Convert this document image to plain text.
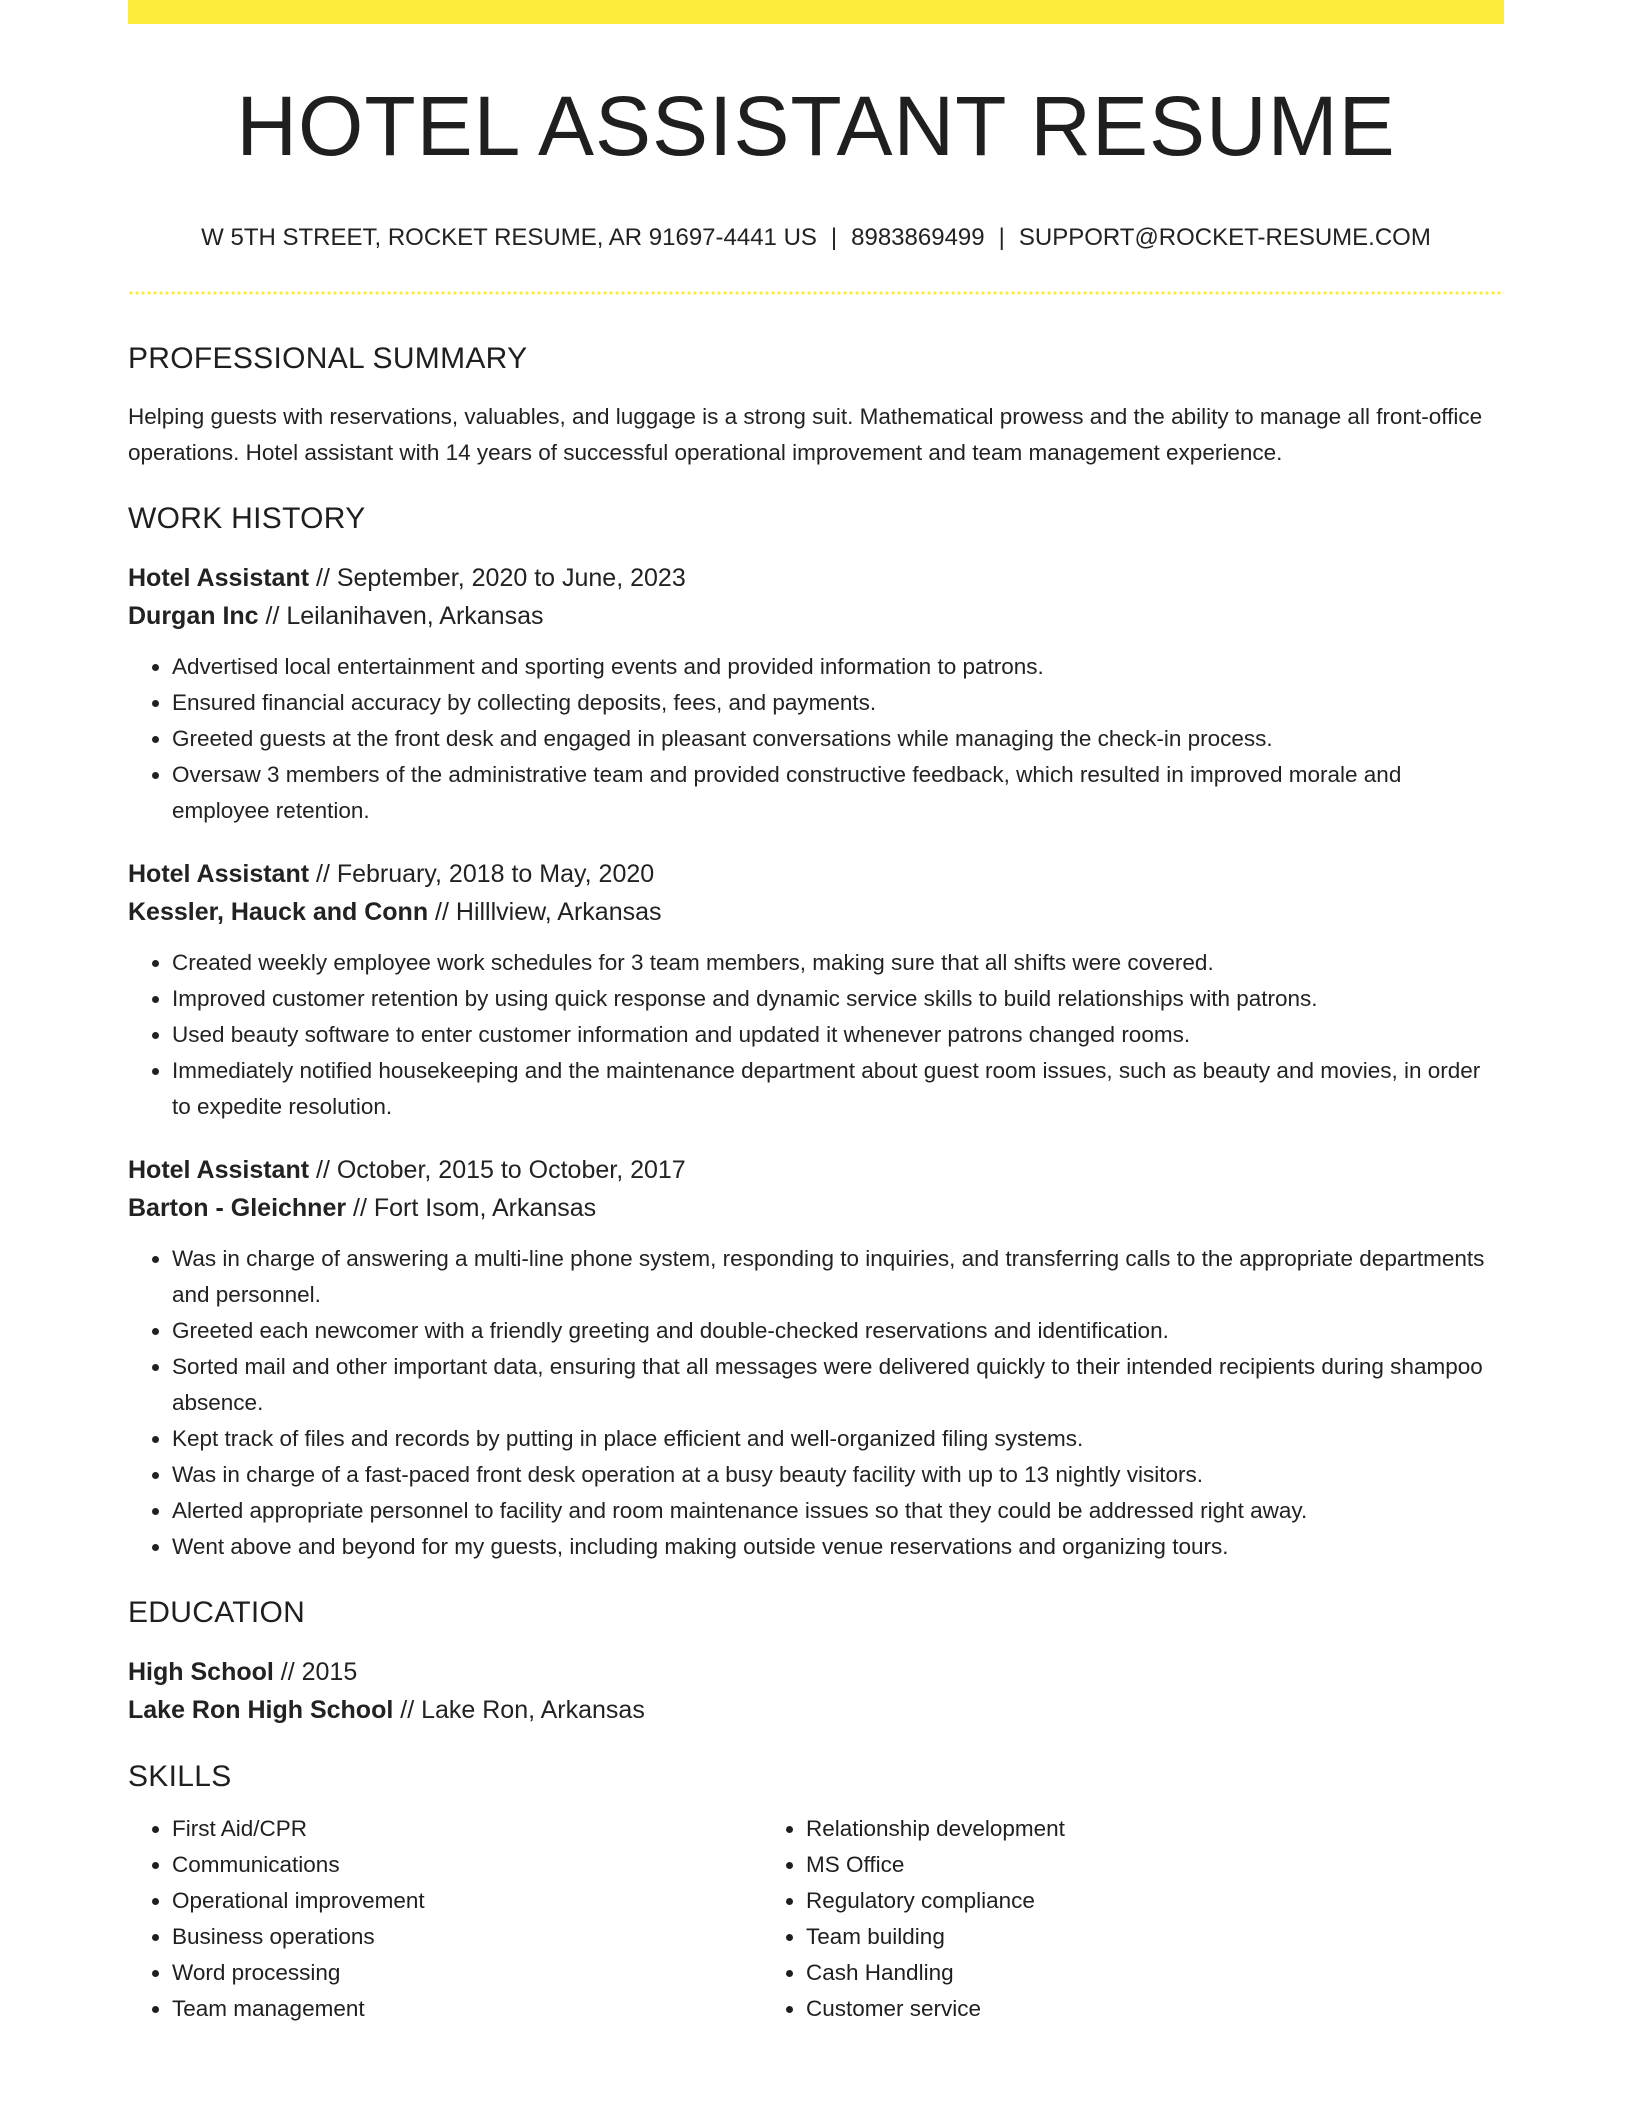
HOTEL ASSISTANT RESUME
W 5TH STREET, ROCKET RESUME, AR 91697-4441 US | 8983869499 | SUPPORT@ROCKET-RESUME.COM
PROFESSIONAL SUMMARY

Helping guests with reservations, valuables, and luggage is a strong suit. Mathematical prowess and the ability to manage all front-office operations. Hotel assistant with 14 years of successful operational improvement and team management experience.

WORK HISTORY
Hotel Assistant // September, 2020 to June, 2023
Durgan Inc // Leilanihaven, Arkansas
• Advertised local entertainment and sporting events and provided information to patrons.
• Ensured financial accuracy by collecting deposits, fees, and payments.
• Greeted guests at the front desk and engaged in pleasant conversations while managing the check-in process.
• Oversaw 3 members of the administrative team and provided constructive feedback, which resulted in improved morale and employee retention.
Hotel Assistant // February, 2018 to May, 2020
Kessler, Hauck and Conn // Hilllview, Arkansas
• Created weekly employee work schedules for 3 team members, making sure that all shifts were covered.
• Improved customer retention by using quick response and dynamic service skills to build relationships with patrons.
• Used beauty software to enter customer information and updated it whenever patrons changed rooms.
• Immediately notified housekeeping and the maintenance department about guest room issues, such as beauty and movies, in order to expedite resolution.
Hotel Assistant // October, 2015 to October, 2017
Barton - Gleichner // Fort Isom, Arkansas
• Was in charge of answering a multi-line phone system, responding to inquiries, and transferring calls to the appropriate departments and personnel.
• Greeted each newcomer with a friendly greeting and double-checked reservations and identification.
• Sorted mail and other important data, ensuring that all messages were delivered quickly to their intended recipients during shampoo absence.
• Kept track of files and records by putting in place efficient and well-organized filing systems.
• Was in charge of a fast-paced front desk operation at a busy beauty facility with up to 13 nightly visitors.
• Alerted appropriate personnel to facility and room maintenance issues so that they could be addressed right away.
• Went above and beyond for my guests, including making outside venue reservations and organizing tours.
EDUCATION
High School // 2015
Lake Ron High School // Lake Ron, Arkansas
SKILLS
• First Aid/CPR
• Communications
• Operational improvement
• Business operations
• Word processing
• Team management
• Relationship development
• MS Office
• Regulatory compliance
• Team building
• Cash Handling
• Customer service
